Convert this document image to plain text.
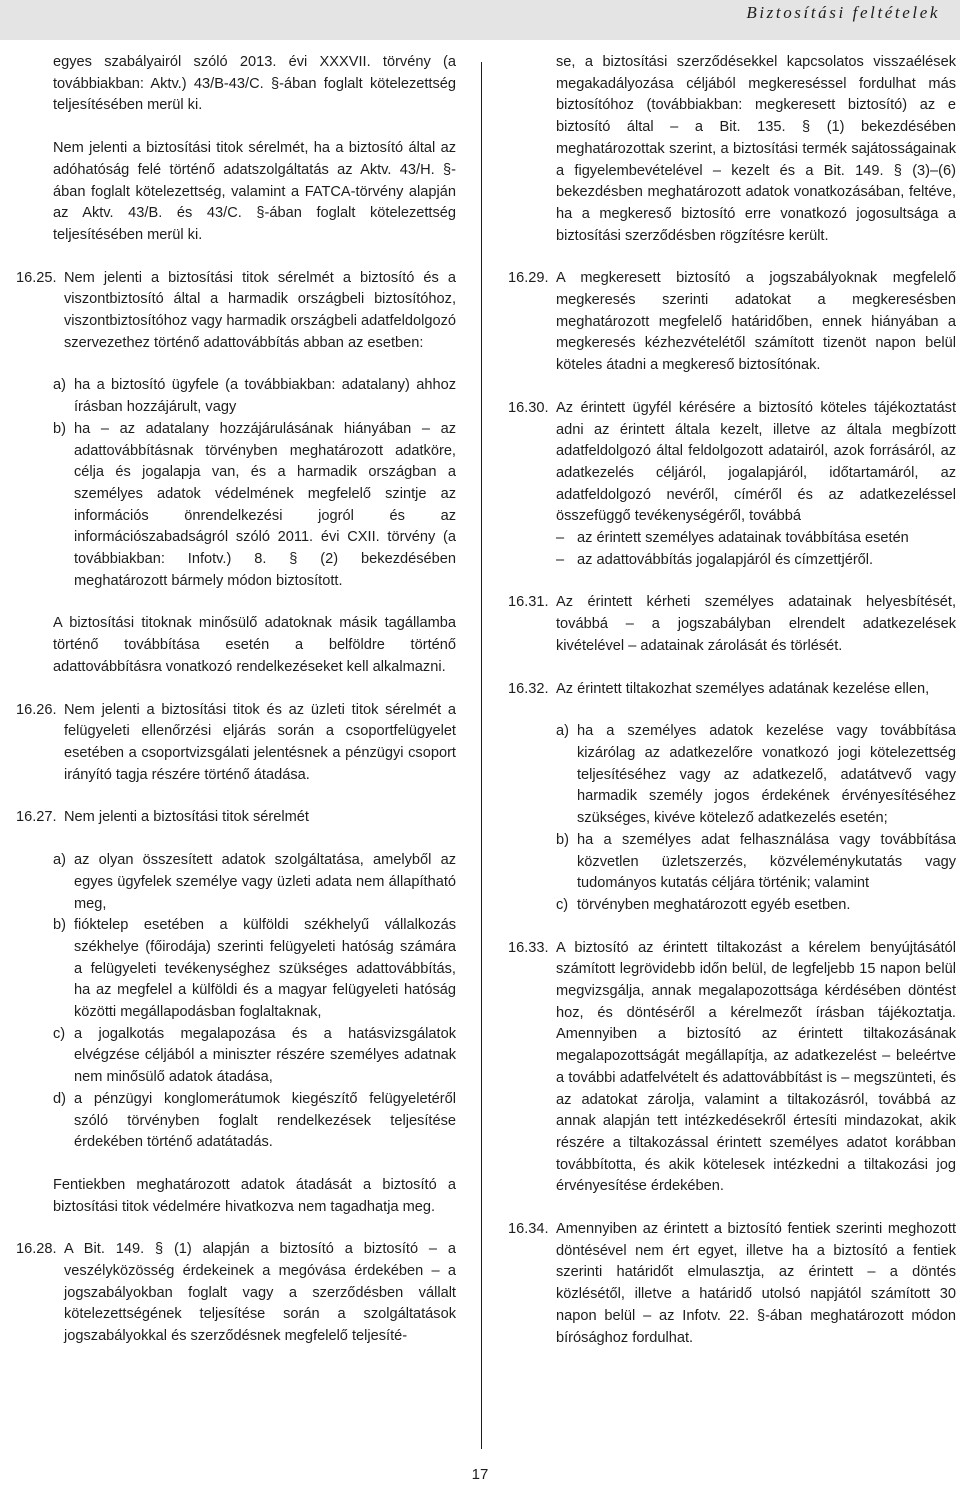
Biztosítási feltételek

egyes szabályairól szóló 2013. évi XXXVII. törvény (a továbbiakban: Aktv.) 43/B-43/C. §-ában foglalt kötelezettség teljesítésében merül ki.

Nem jelenti a biztosítási titok sérelmét, ha a biztosító által az adóhatóság felé történő adatszolgáltatás az Aktv. 43/H. §-ában foglalt kötelezettség, valamint a FATCA-törvény alapján az Aktv. 43/B. és 43/C. §-ában foglalt kötelezettség teljesítésében merül ki.

16.25. Nem jelenti a biztosítási titok sérelmét a biztosító és a viszontbiztosító által a harmadik országbeli biztosítóhoz, viszontbiztosítóhoz vagy harmadik országbeli adatfeldolgozó szervezethez történő adattovábbítás abban az esetben:
a) ha a biztosító ügyfele (a továbbiakban: adatalany) ahhoz írásban hozzájárult, vagy
b) ha – az adatalany hozzájárulásának hiányában – az adattovábbításnak törvényben meghatározott adatköre, célja és jogalapja van, és a harmadik országban a személyes adatok védelmének megfelelő szintje az információs önrendelkezési jogról és az információszabadságról szóló 2011. évi CXII. törvény (a továbbiakban: Infotv.) 8. § (2) bekezdésében meghatározott bármely módon biztosított.

A biztosítási titoknak minősülő adatoknak másik tagállamba történő továbbítása esetén a belföldre történő adattovábbításra vonatkozó rendelkezéseket kell alkalmazni.

16.26. Nem jelenti a biztosítási titok és az üzleti titok sérelmét a felügyeleti ellenőrzési eljárás során a csoportfelügyelet esetében a csoportvizsgálati jelentésnek a pénzügyi csoport irányító tagja részére történő átadása.
16.27. Nem jelenti a biztosítási titok sérelmét
a) az olyan összesített adatok szolgáltatása, amelyből az egyes ügyfelek személye vagy üzleti adata nem állapítható meg,
b) fióktelep esetében a külföldi székhelyű vállalkozás székhelye (főirodája) szerinti felügyeleti hatóság számára a felügyeleti tevékenységhez szükséges adattovábbítás, ha az megfelel a külföldi és a magyar felügyeleti hatóság közötti megállapodásban foglaltaknak,
c) a jogalkotás megalapozása és a hatásvizsgálatok elvégzése céljából a miniszter részére személyes adatnak nem minősülő adatok átadása,
d) a pénzügyi konglomerátumok kiegészítő felügyeletéről szóló törvényben foglalt rendelkezések teljesítése érdekében történő adatátadás.

Fentiekben meghatározott adatok átadását a biztosító a biztosítási titok védelmére hivatkozva nem tagadhatja meg.

16.28. A Bit. 149. § (1) alapján a biztosító a biztosító – a veszélyközösség érdekeinek a megóvása érdekében – a jogszabályokban foglalt vagy a szerződésben vállalt kötelezettségének teljesítése során a szolgáltatások jogszabályokkal és szerződésnek megfelelő teljesíté-

se, a biztosítási szerződésekkel kapcsolatos visszaélések megakadályozása céljából megkereséssel fordulhat más biztosítóhoz (továbbiakban: megkeresett biztosító) az e biztosító által – a Bit. 135. § (1) bekezdésében meghatározottak szerint, a biztosítási termék sajátosságainak a figyelembevételével – kezelt és a Bit. 149. § (3)–(6) bekezdésben meghatározott adatok vonatkozásában, feltéve, ha a megkereső biztosító erre vonatkozó jogosultsága a biztosítási szerződésben rögzítésre került.

16.29. A megkeresett biztosító a jogszabályoknak megfelelő megkeresés szerinti adatokat a megkeresésben meghatározott megfelelő határidőben, ennek hiányában a megkeresés kézhezvételétől számított tizenöt napon belül köteles átadni a megkereső biztosítónak.
16.30. Az érintett ügyfél kérésére a biztosító köteles tájékoztatást adni az érintett általa kezelt, illetve az általa megbízott adatfeldolgozó által feldolgozott adatairól, azok forrásáról, az adatkezelés céljáról, jogalapjáról, időtartamáról, az adatfeldolgozó nevéről, címéről és az adatkezeléssel összefüggő tevékenységéről, továbbá
– az érintett személyes adatainak továbbítása esetén
– az adattovábbítás jogalapjáról és címzettjéről.
16.31. Az érintett kérheti személyes adatainak helyesbítését, továbbá – a jogszabályban elrendelt adatkezelések kivételével – adatainak zárolását és törlését.
16.32. Az érintett tiltakozhat személyes adatának kezelése ellen,
a) ha a személyes adatok kezelése vagy továbbítása kizárólag az adatkezelőre vonatkozó jogi kötelezettség teljesítéséhez vagy az adatkezelő, adatátvevő vagy harmadik személy jogos érdekének érvényesítéséhez szükséges, kivéve kötelező adatkezelés esetén;
b) ha a személyes adat felhasználása vagy továbbítása közvetlen üzletszerzés, közvéleménykutatás vagy tudományos kutatás céljára történik; valamint
c) törvényben meghatározott egyéb esetben.
16.33. A biztosító az érintett tiltakozást a kérelem benyújtásától számított legrövidebb időn belül, de legfeljebb 15 napon belül megvizsgálja, annak megalapozottsága kérdésében döntést hoz, és döntéséről a kérelmezőt írásban tájékoztatja. Amennyiben a biztosító az érintett tiltakozásának megalapozottságát megállapítja, az adatkezelést – beleértve a további adatfelvételt és adattovábbítást is – megszünteti, és az adatokat zárolja, valamint a tiltakozásról, továbbá az annak alapján tett intézkedésekről értesíti mindazokat, akik részére a tiltakozással érintett személyes adatot korábban továbbította, és akik kötelesek intézkedni a tiltakozási jog érvényesítése érdekében.
16.34. Amennyiben az érintett a biztosító fentiek szerinti meghozott döntésével nem ért egyet, illetve ha a biztosító a fentiek szerinti határidőt elmulasztja, az érintett – a döntés közlésétől, illetve a határidő utolsó napjától számított 30 napon belül – az Infotv. 22. §-ában meghatározott módon bírósághoz fordulhat.
17
